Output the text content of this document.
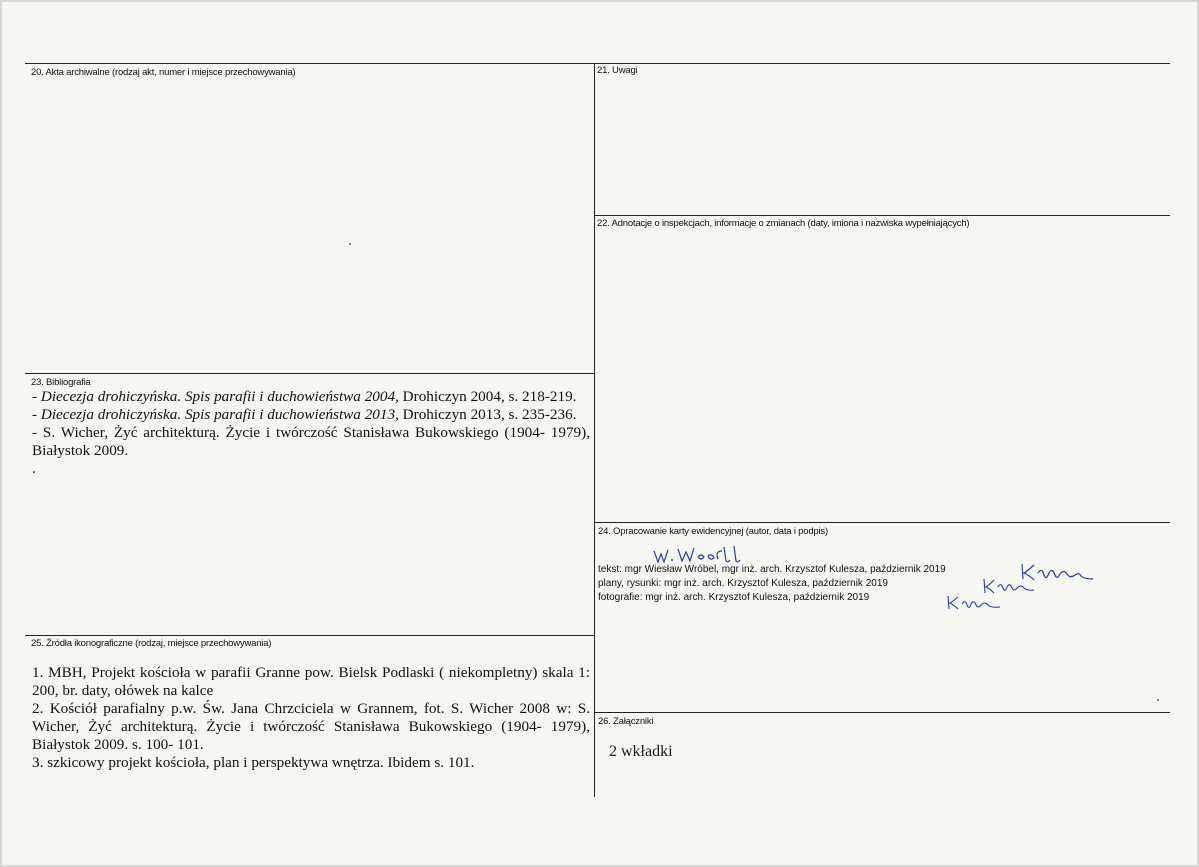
20. Akta archiwalne (rodzaj akt, numer i miejsce przechowywania)	21. Uwagi
22. Adnotacje o inspekcjach, informacje o zmianach (daty, imiona i nazwiska wypełniających)
23. Bibliografia
24. Opracowanie karty ewidencyjnej (autor, data i podpis)
25. Źródła ikonograficzne (rodzaj, miejsce przechowywania)
26. Załączniki
- Diecezja drohiczyńska. Spis parafii i duchowieństwa 2004, Drohiczyn 2004, s. 218-219.
- Diecezja drohiczyńska. Spis parafii i duchowieństwa 2013, Drohiczyn 2013, s. 235-236.
- S. Wicher, Żyć architekturą. Życie i twórczość Stanisława Bukowskiego (1904- 1979), Białystok 2009.
.
1. MBH, Projekt kościoła w parafii Granne pow. Bielsk Podlaski ( niekompletny) skala 1: 200, br. daty, ołówek na kalce
2. Kościół parafialny p.w. Św. Jana Chrzciciela w Grannem, fot. S. Wicher 2008 w: S. Wicher, Żyć architekturą. Życie i twórczość Stanisława Bukowskiego (1904- 1979), Białystok 2009. s. 100- 101.
3. szkicowy projekt kościoła, plan i perspektywa wnętrza. Ibidem s. 101.
tekst: mgr Wiesław Wróbel, mgr inż. arch. Krzysztof Kulesza, październik 2019
plany, rysunki: mgr inż. arch. Krzysztof Kulesza, październik 2019
fotografie: mgr inż. arch. Krzysztof Kulesza, październik 2019
2 wkładki
